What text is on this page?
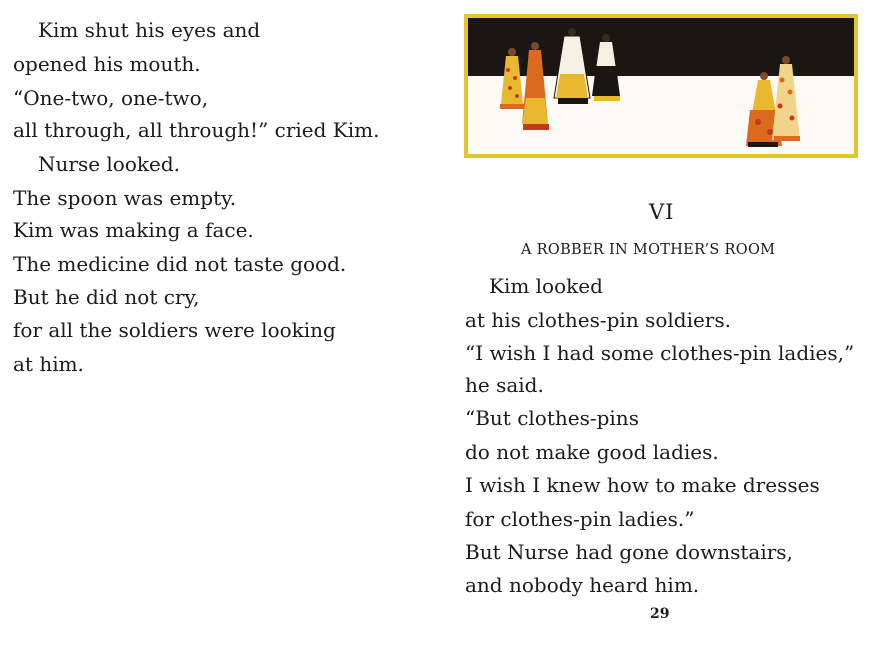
Kim shut his eyes and
opened his mouth.
“One-two, one-two,
all through, all through!” cried Kim.
Nurse looked.
The spoon was empty.
Kim was making a face.
The medicine did not taste good.
But he did not cry,
for all the soldiers were looking
at him.
VI
A ROBBER IN MOTHER’S ROOM
Kim looked
at his clothes-pin soldiers.
“I wish I had some clothes-pin ladies,”
he said.
“But clothes-pins
do not make good ladies.
I wish I knew how to make dresses
for clothes-pin ladies.”
But Nurse had gone downstairs,
and nobody heard him.
29
